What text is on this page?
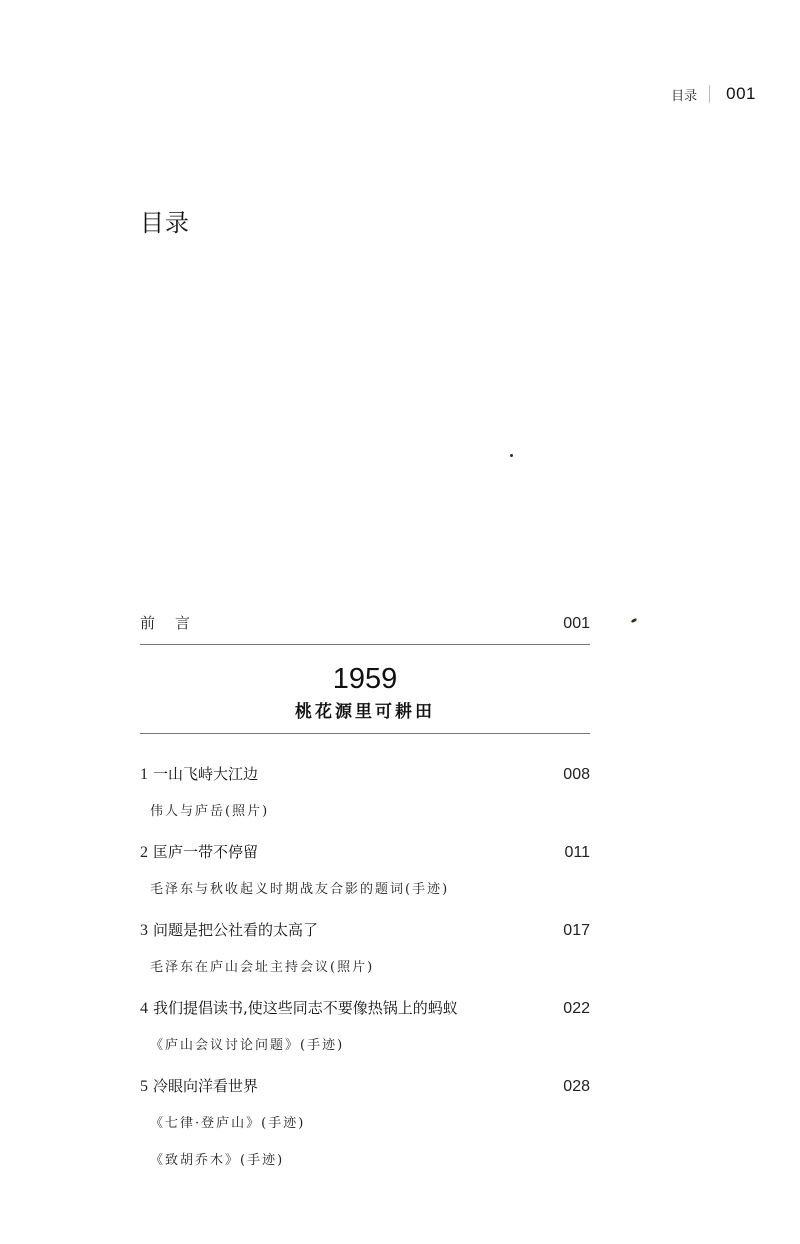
目录	001
目录
前言	001
1959
桃花源里可耕田
1 一山飞峙大江边	008
伟人与庐岳(照片)
2 匡庐一带不停留	011
毛泽东与秋收起义时期战友合影的题词(手迹)
3 问题是把公社看的太高了	017
毛泽东在庐山会址主持会议(照片)
4 我们提倡读书,使这些同志不要像热锅上的蚂蚁	022
《庐山会议讨论问题》(手迹)
5 冷眼向洋看世界	028
《七律·登庐山》(手迹)
《致胡乔木》(手迹)
